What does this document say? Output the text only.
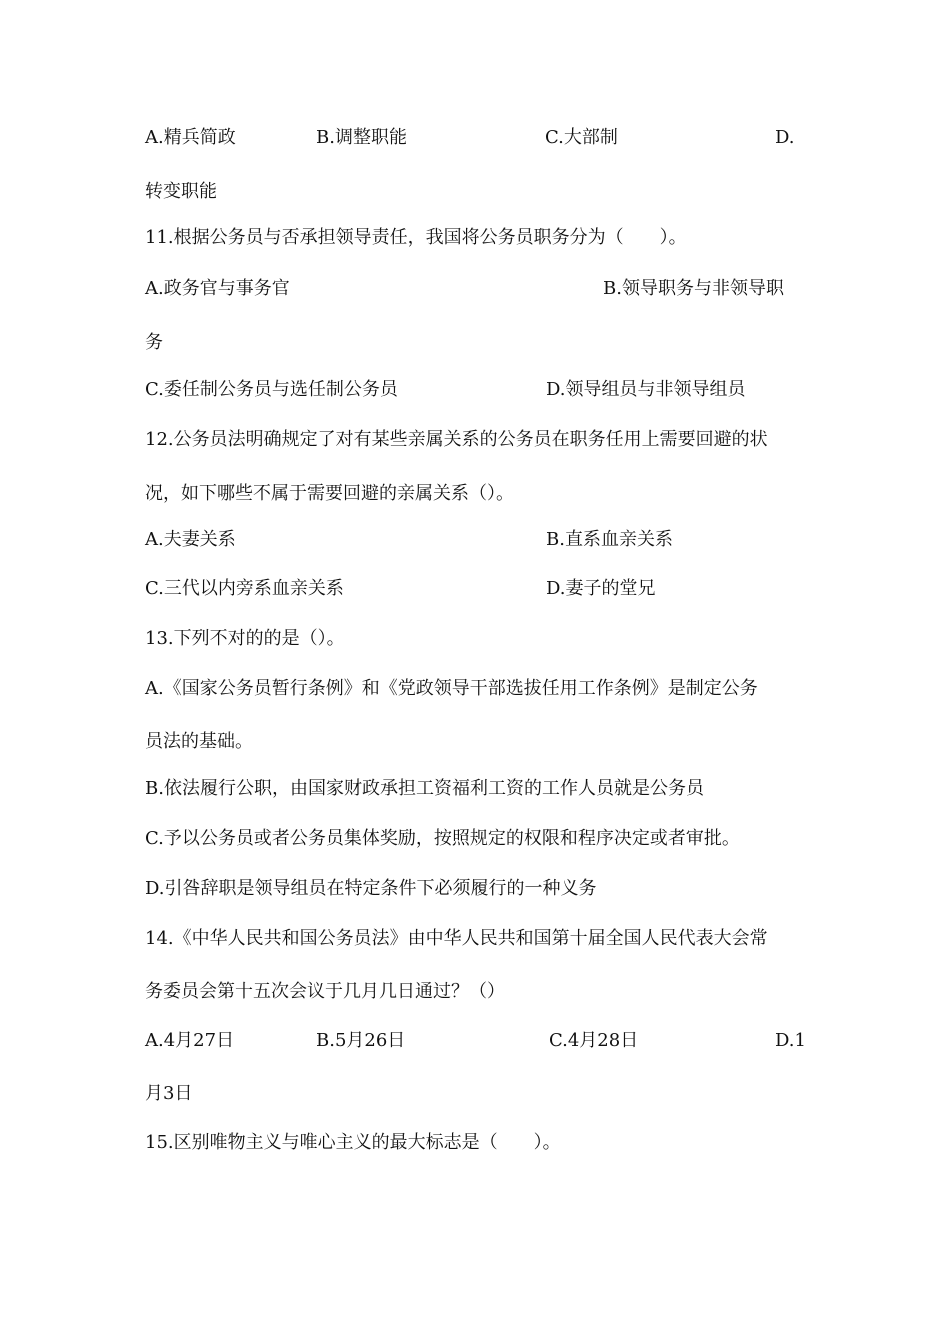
A.精兵简政	B.调整职能	C.大部制	D.
转变职能
11.根据公务员与否承担领导责任，我国将公务员职务分为（　　）。
A.政务官与事务官	B.领导职务与非领导职
务
C.委任制公务员与选任制公务员	D.领导组员与非领导组员
12.公务员法明确规定了对有某些亲属关系的公务员在职务任用上需要回避的状
况，如下哪些不属于需要回避的亲属关系（）。
A.夫妻关系	B.直系血亲关系
C.三代以内旁系血亲关系	D.妻子的堂兄
13.下列不对的的是（）。
A.《国家公务员暂行条例》和《党政领导干部选拔任用工作条例》是制定公务
员法的基础。
B.依法履行公职，由国家财政承担工资福利工资的工作人员就是公务员
C.予以公务员或者公务员集体奖励，按照规定的权限和程序决定或者审批。
D.引咎辞职是领导组员在特定条件下必须履行的一种义务
14.《中华人民共和国公务员法》由中华人民共和国第十届全国人民代表大会常
务委员会第十五次会议于几月几日通过？（）
A.4月27日	B.5月26日	C.4月28日	D.1
月3日
15.区别唯物主义与唯心主义的最大标志是（　　）。
